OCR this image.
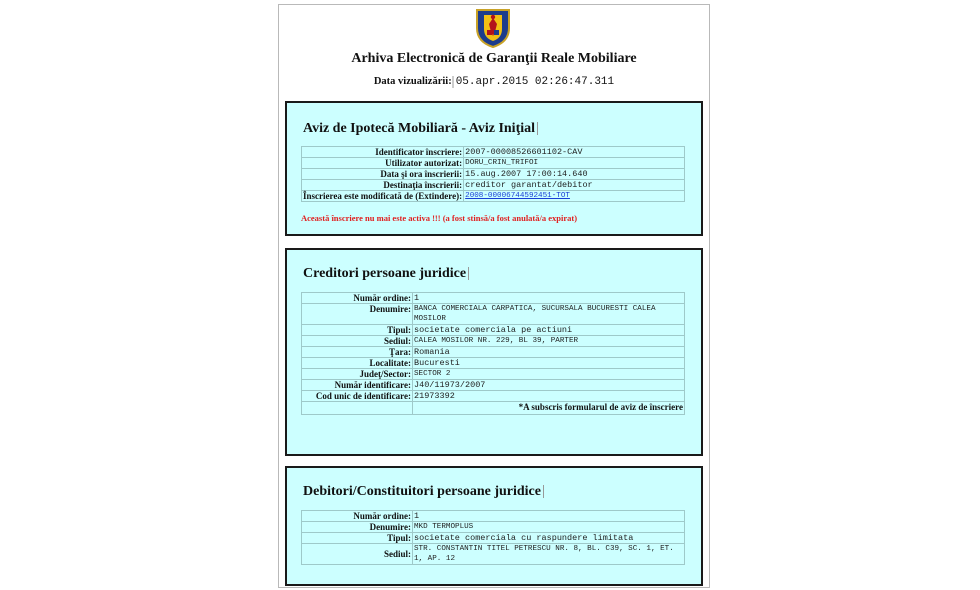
Arhiva Electronică de Garanţii Reale Mobiliare
Data vizualizării: 05.apr.2015 02:26:47.311
Aviz de Ipotecă Mobiliară - Aviz Iniţial
Identificator înscriere:	2007-00008526601102-CAV
Utilizator autorizat:	DORU_CRIN_TRIFOI
Data şi ora înscrierii:	15.aug.2007 17:00:14.640
Destinaţia înscrierii:	creditor garantat/debitor
Înscrierea este modificată de (Extindere):	2008-00006744592451-TOT
Această înscriere nu mai este activa !!! (a fost stinsă/a fost anulată/a expirat)
Creditori persoane juridice
Număr ordine:	1
Denumire:	BANCA COMERCIALA CARPATICA, SUCURSALA BUCURESTI CALEA MOSILOR
Tipul:	societate comerciala pe actiuni
Sediul:	CALEA MOSILOR NR. 229, BL 39, PARTER
Ţara:	Romania
Localitate:	Bucuresti
Judeţ/Sector:	SECTOR 2
Număr identificare:	J40/11973/2007
Cod unic de identificare:	21973392
	*A subscris formularul de aviz de înscriere
Debitori/Constituitori persoane juridice
Număr ordine:	1
Denumire:	MKD TERMOPLUS
Tipul:	societate comerciala cu raspundere limitata
Sediul:	STR. CONSTANTIN TITEL PETRESCU NR. 8, BL. C39, SC. 1, ET. 1, AP. 12
